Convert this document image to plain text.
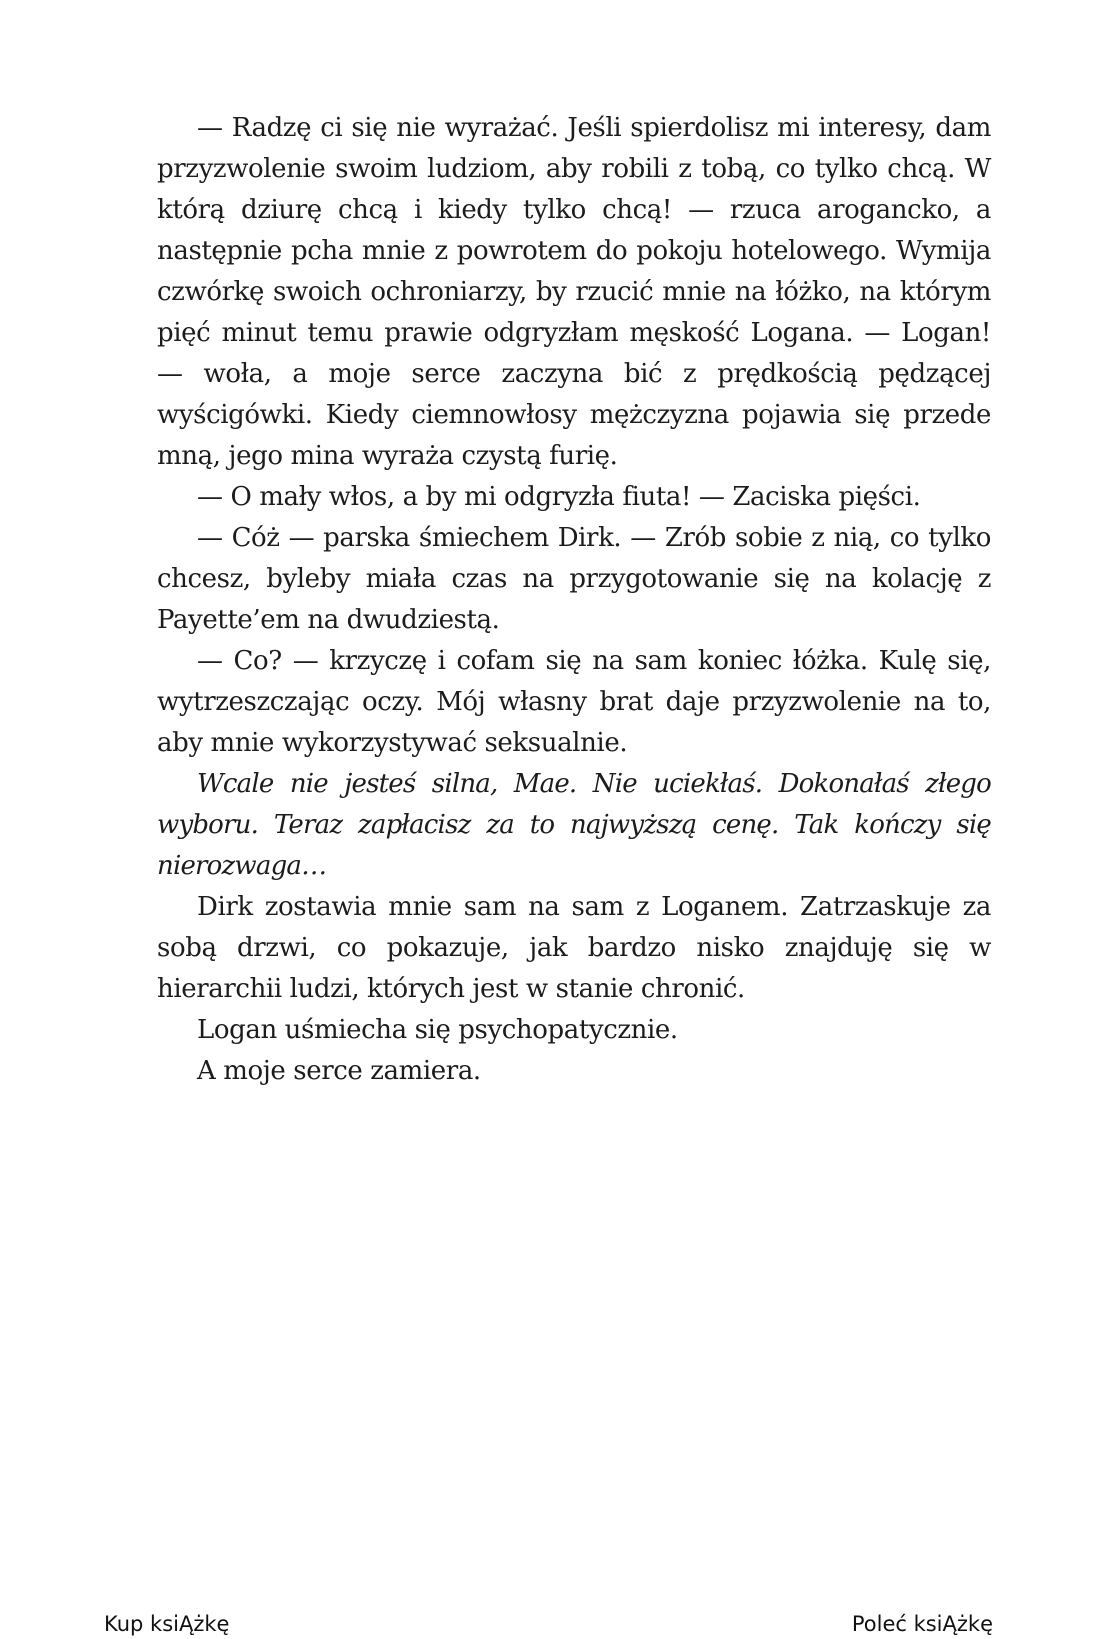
— Radzę ci się nie wyrażać. Jeśli spierdolisz mi interesy, dam przyzwolenie swoim ludziom, aby robili z tobą, co tylko chcą. W którą dziurę chcą i kiedy tylko chcą! — rzuca arogancko, a następnie pcha mnie z powrotem do pokoju hotelowego. Wymija czwórkę swoich ochroniarzy, by rzucić mnie na łóżko, na którym pięć minut temu prawie odgryzłam męskość Logana. — Logan! — woła, a moje serce zaczyna bić z prędkością pędzącej wyścigówki. Kiedy ciemnowłosy mężczyzna pojawia się przede mną, jego mina wyraża czystą furię.

— O mały włos, a by mi odgryzła fiuta! — Zaciska pięści.

— Cóż — parska śmiechem Dirk. — Zrób sobie z nią, co tylko chcesz, byleby miała czas na przygotowanie się na kolację z Payette’em na dwudziestą.

— Co? — krzyczę i cofam się na sam koniec łóżka. Kulę się, wytrzeszczając oczy. Mój własny brat daje przyzwolenie na to, aby mnie wykorzystywać seksualnie.

Wcale nie jesteś silna, Mae. Nie uciekłaś. Dokonałaś złego wyboru. Teraz zapłacisz za to najwyższą cenę. Tak kończy się nierozwaga…

Dirk zostawia mnie sam na sam z Loganem. Zatrzaskuje za sobą drzwi, co pokazuje, jak bardzo nisko znajduję się w hierarchii ludzi, których jest w stanie chronić.

Logan uśmiecha się psychopatycznie.

A moje serce zamiera.

Kup ksiĄżkę	Poleć ksiĄżkę
